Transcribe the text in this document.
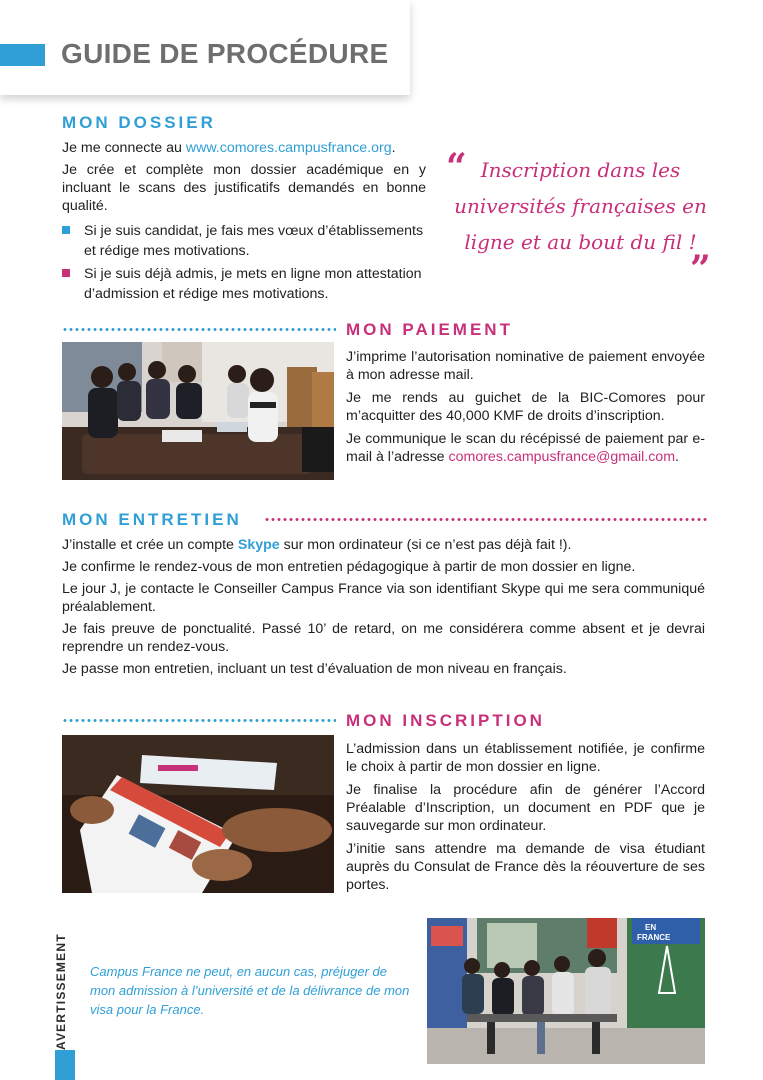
GUIDE DE PROCÉDURE
MON DOSSIER

Je me connecte au www.comores.campusfrance.org.

Je crée et complète mon dossier académique en y incluant le scans des justificatifs demandés en bonne qualité.

Si je suis candidat, je fais mes vœux d’établissements et rédige mes motivations.
Si je suis déjà admis, je mets en ligne mon attestation d’admission et rédige mes motivations.
“ Inscription dans les universités françaises en ligne et au bout du fil !
”
MON PAIEMENT

J’imprime l’autorisation nominative de paiement envoyée à mon adresse mail.

Je me rends au guichet de la BIC-Comores pour m’acquitter des 40,000 KMF de droits d’inscription.

Je communique le scan du récépissé de paiement par e-mail à l’adresse comores.campusfrance@gmail.com.

MON ENTRETIEN

J’installe et crée un compte Skype sur mon ordinateur (si ce n’est pas déjà fait !).

Je confirme le rendez-vous de mon entretien pédagogique à partir de mon dossier en ligne.

Le jour J, je contacte le Conseiller Campus France via son identifiant Skype qui me sera communiqué préalablement.

Je fais preuve de ponctualité. Passé 10’ de retard, on me considérera comme absent et je devrai reprendre un rendez-vous.

Je passe mon entretien, incluant un test d’évaluation de mon niveau en français.

MON INSCRIPTION

L’admission dans un établissement notifiée, je confirme le choix à partir de mon dossier en ligne.

Je finalise la procédure afin de générer l’Accord Préalable d’Inscription, un document en PDF que je sauvegarde sur mon ordinateur.

J’initie sans attendre ma demande de visa étudiant auprès du Consulat de France dès la réouverture de ses portes.

AVERTISSEMENT Campus France ne peut, en aucun cas, préjuger de mon admission à l’université et de la délivrance de mon visa pour la France.
EN
FRANCE
